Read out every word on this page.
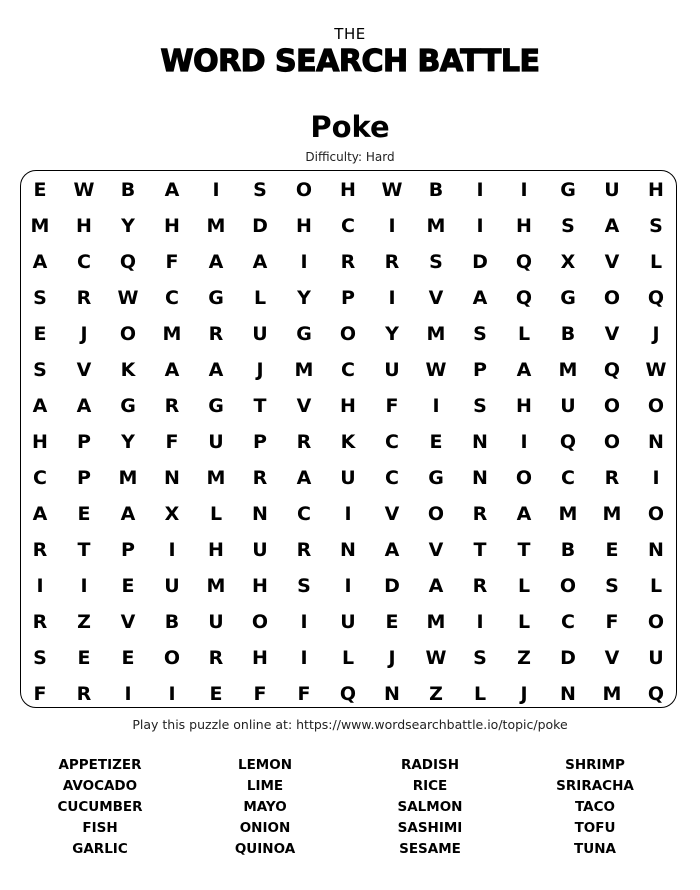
THE
WORD SEARCH BATTLE
Poke
Difficulty: Hard
E	W	B	A	I	S	O	H	W	B	I	I	G	U	H
M	H	Y	H	M	D	H	C	I	M	I	H	S	A	S
A	C	Q	F	A	A	I	R	R	S	D	Q	X	V	L
S	R	W	C	G	L	Y	P	I	V	A	Q	G	O	Q
E	J	O	M	R	U	G	O	Y	M	S	L	B	V	J
S	V	K	A	A	J	M	C	U	W	P	A	M	Q	W
A	A	G	R	G	T	V	H	F	I	S	H	U	O	O
H	P	Y	F	U	P	R	K	C	E	N	I	Q	O	N
C	P	M	N	M	R	A	U	C	G	N	O	C	R	I
A	E	A	X	L	N	C	I	V	O	R	A	M	M	O
R	T	P	I	H	U	R	N	A	V	T	T	B	E	N
I	I	E	U	M	H	S	I	D	A	R	L	O	S	L
R	Z	V	B	U	O	I	U	E	M	I	L	C	F	O
S	E	E	O	R	H	I	L	J	W	S	Z	D	V	U
F	R	I	I	E	F	F	Q	N	Z	L	J	N	M	Q
Play this puzzle online at: https://www.wordsearchbattle.io/topic/poke
APPETIZER
AVOCADO
CUCUMBER
FISH
GARLIC
LEMON
LIME
MAYO
ONION
QUINOA
RADISH
RICE
SALMON
SASHIMI
SESAME
SHRIMP
SRIRACHA
TACO
TOFU
TUNA
